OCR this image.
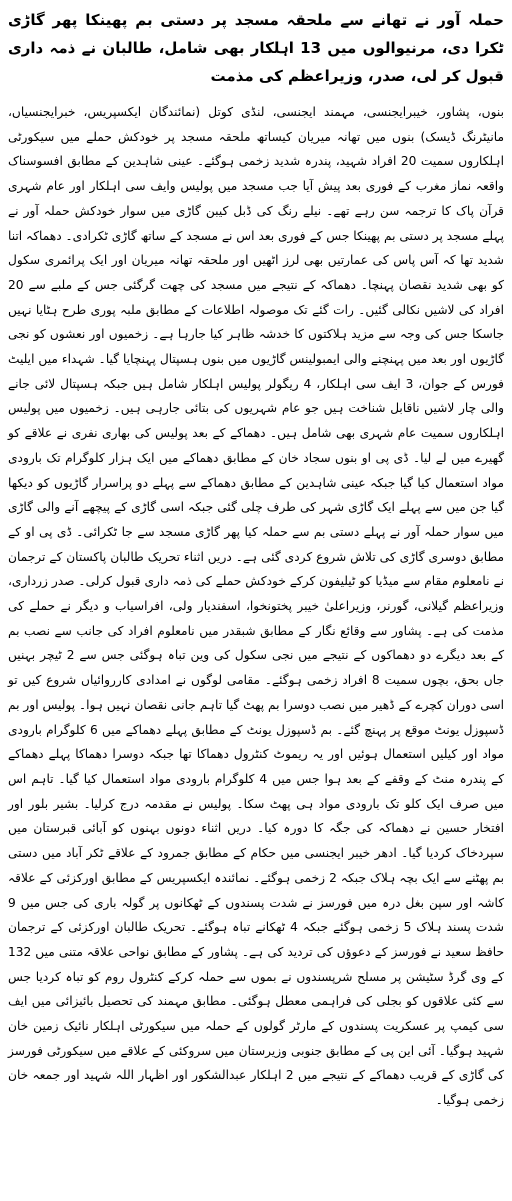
حملہ آور نے تھانے سے ملحقہ مسجد پر دستی بم پھینکا پھر گاڑی ٹکرا دی، مرنیوالوں میں 13 اہلکار بھی شامل، طالبان نے ذمہ داری قبول کر لی، صدر، وزیراعظم کی مذمت

بنوں، پشاور، خیبرایجنسی، مہمند ایجنسی، لنڈی کوتل (نمائندگان ایکسپریس، خبرایجنسیاں، مانیٹرنگ ڈیسک) بنوں میں تھانہ میریان کیساتھ ملحقہ مسجد پر خودکش حملے میں سیکورٹی اہلکاروں سمیت 20 افراد شہید، پندرہ شدید زخمی ہوگئے۔ عینی شاہدین کے مطابق افسوسناک واقعہ نماز مغرب کے فوری بعد پیش آیا جب مسجد میں پولیس وایف سی اہلکار اور عام شہری قرآن پاک کا ترجمہ سن رہے تھے۔ نیلے رنگ کی ڈبل کیبن گاڑی میں سوار خودکش حملہ آور نے پہلے مسجد پر دستی بم پھینکا جس کے فوری بعد اس نے مسجد کے ساتھ گاڑی ٹکرادی۔ دھماکہ اتنا شدید تھا کہ آس پاس کی عمارتیں بھی لرز اٹھیں اور ملحقہ تھانہ میریان اور ایک پرائمری سکول کو بھی شدید نقصان پہنچا۔ دھماکہ کے نتیجے میں مسجد کی چھت گرگئی جس کے ملبے سے 20 افراد کی لاشیں نکالی گئیں۔ رات گئے تک موصولہ اطلاعات کے مطابق ملبہ پوری طرح ہٹایا نہیں جاسکا جس کی وجہ سے مزید ہلاکتوں کا خدشہ ظاہر کیا جارہا ہے۔ زخمیوں اور نعشوں کو نجی گاڑیوں اور بعد میں پہنچنے والی ایمبولینس گاڑیوں میں بنوں ہسپتال پہنچایا گیا۔ شہداء میں ایلیٹ فورس کے جوان، 3 ایف سی اہلکار، 4 ریگولر پولیس اہلکار شامل ہیں جبکہ ہسپتال لائی جانے والی چار لاشیں ناقابل شناخت ہیں جو عام شہریوں کی بتائی جارہی ہیں۔ زخمیوں میں پولیس اہلکاروں سمیت عام شہری بھی شامل ہیں۔ دھماکے کے بعد پولیس کی بھاری نفری نے علاقے کو گھیرے میں لے لیا۔ ڈی پی او بنوں سجاد خان کے مطابق دھماکے میں ایک ہزار کلوگرام تک بارودی مواد استعمال کیا گیا جبکہ عینی شاہدین کے مطابق دھماکے سے پہلے دو پراسرار گاڑیوں کو دیکھا گیا جن میں سے پہلے ایک گاڑی شہر کی طرف چلی گئی جبکہ اسی گاڑی کے پیچھے آنے والی گاڑی میں سوار حملہ آور نے پہلے دستی بم سے حملہ کیا پھر گاڑی مسجد سے جا ٹکرائی۔ ڈی پی او کے مطابق دوسری گاڑی کی تلاش شروع کردی گئی ہے۔ دریں اثناء تحریک طالبان پاکستان کے ترجمان نے نامعلوم مقام سے میڈیا کو ٹیلیفون کرکے خودکش حملے کی ذمہ داری قبول کرلی۔ صدر زرداری، وزیراعظم گیلانی، گورنر، وزیراعلیٰ خیبر پختونخوا، اسفندیار ولی، افراسیاب و دیگر نے حملے کی مذمت کی ہے۔ پشاور سے وقائع نگار کے مطابق شبقدر میں نامعلوم افراد کی جانب سے نصب بم کے بعد دیگرے دو دھماکوں کے نتیجے میں نجی سکول کی وین تباہ ہوگئی جس سے 2 ٹیچر بہنیں جاں بحق، بچوں سمیت 8 افراد زخمی ہوگئے۔ مقامی لوگوں نے امدادی کارروائیاں شروع کیں تو اسی دوران کچرے کے ڈھیر میں نصب دوسرا بم پھٹ گیا تاہم جانی نقصان نہیں ہوا۔ پولیس اور بم ڈسپوزل یونٹ موقع پر پہنچ گئے۔ بم ڈسپوزل یونٹ کے مطابق پہلے دھماکے میں 6 کلوگرام بارودی مواد اور کیلیں استعمال ہوئیں اور یہ ریموٹ کنٹرول دھماکا تھا جبکہ دوسرا دھماکا پہلے دھماکے کے پندرہ منٹ کے وقفے کے بعد ہوا جس میں 4 کلوگرام بارودی مواد استعمال کیا گیا۔ تاہم اس میں صرف ایک کلو تک بارودی مواد ہی پھٹ سکا۔ پولیس نے مقدمہ درج کرلیا۔ بشیر بلور اور افتخار حسین نے دھماکہ کی جگہ کا دورہ کیا۔ دریں اثناء دونوں بہنوں کو آبائی قبرستان میں سپردخاک کردیا گیا۔ ادھر خیبر ایجنسی میں حکام کے مطابق جمرود کے علاقے ٹکر آباد میں دستی بم پھٹنے سے ایک بچہ ہلاک جبکہ 2 زخمی ہوگئے۔ نمائندہ ایکسپریس کے مطابق اورکزئی کے علاقہ کاشہ اور سپن بغل درہ میں فورسز نے شدت پسندوں کے ٹھکانوں پر گولہ باری کی جس میں 9 شدت پسند ہلاک 5 زخمی ہوگئے جبکہ 4 ٹھکانے تباہ ہوگئے۔ تحریک طالبان اورکزئی کے ترجمان حافظ سعید نے فورسز کے دعوؤں کی تردید کی ہے۔ پشاور کے مطابق نواحی علاقہ متنی میں 132 کے وی گرڈ سٹیشن پر مسلح شرپسندوں نے بموں سے حملہ کرکے کنٹرول روم کو تباہ کردیا جس سے کئی علاقوں کو بجلی کی فراہمی معطل ہوگئی۔ مطابق مہمند کی تحصیل بائیزائی میں ایف سی کیمپ پر عسکریت پسندوں کے مارٹر گولوں کے حملہ میں سیکورٹی اہلکار نائیک زمین خان شہید ہوگیا۔ آئی این پی کے مطابق جنوبی وزیرستان میں سروکئی کے علاقے میں سیکورٹی فورسز کی گاڑی کے قریب دھماکے کے نتیجے میں 2 اہلکار عبدالشکور اور اظہار اللہ شہید اور جمعہ خان زخمی ہوگیا۔
